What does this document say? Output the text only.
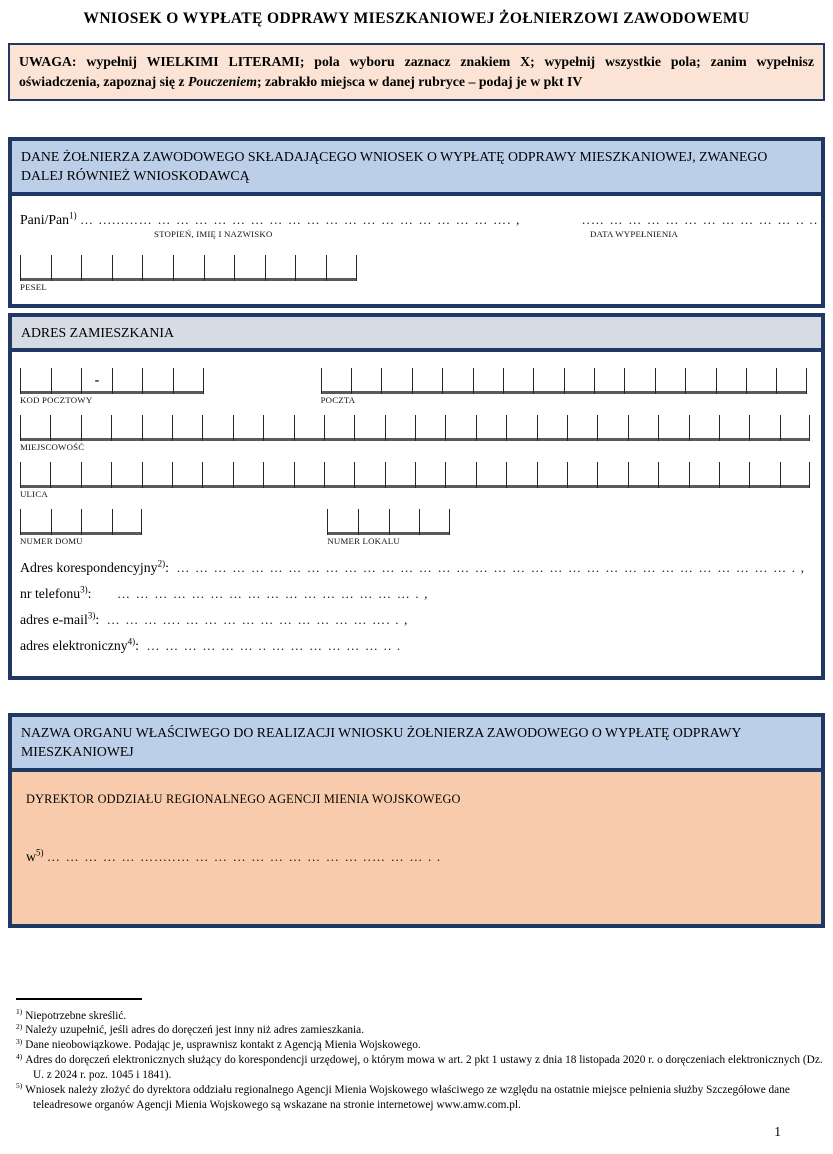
WNIOSEK O WYPŁATĘ ODPRAWY MIESZKANIOWEJ ŻOŁNIERZOWI ZAWODOWEMU
UWAGA: wypełnij WIELKIMI LITERAMI; pola wyboru zaznacz znakiem X; wypełnij wszystkie pola; zanim wypełnisz oświadczenia, zapoznaj się z Pouczeniem; zabrakło miejsca w danej rubryce – podaj je w pkt IV
DANE ŻOŁNIERZA ZAWODOWEGO SKŁADAJĄCEGO WNIOSEK O WYPŁATĘ ODPRAWY MIESZKANIOWEJ, ZWANEGO DALEJ RÓWNIEŻ WNIOSKODAWCĄ
Pani/Pan$^{1)}$ … .........… … … … … … … … … … … … … … … … … … … …. ,
STOPIEŃ, IMIĘ I NAZWISKO
..… … … … … … … … … … … .. ..
DATA WYPEŁNIENIA
PESEL
ADRES ZAMIESZKANIA
-
KOD POCZTOWY	POCZTA
MIEJSCOWOŚĆ
ULICA
NUMER DOMU	NUMER LOKALU
Adres korespondencyjny$^{2)}$: … … … … … … … … … … … … … … … … … … … … … … … … … … … … … … … … … . ,
nr telefonu$^{3)}$: … … … … … … … … … … … … … … … … . ,
adres e-mail$^{3)}$: … … … …. … … … … … … … … … … …. . ,
adres elektroniczny$^{4)}$: … … … … … … .. … … … … … … .. .
NAZWA ORGANU WŁAŚCIWEGO DO REALIZACJI WNIOSKU ŻOŁNIERZA ZAWODOWEGO O WYPŁATĘ ODPRAWY MIESZKANIOWEJ
DYREKTOR ODDZIAŁU REGIONALNEGO AGENCJI MIENIA WOJSKOWEGO
$w^{5)}$ … … … … … ….....… … … … … … … … … … ..… … … . .
$^{1)}$ Niepotrzebne skreślić.
$^{2)}$ Należy uzupełnić, jeśli adres do doręczeń jest inny niż adres zamieszkania.
$^{3)}$ Dane nieobowiązkowe. Podając je, usprawnisz kontakt z Agencją Mienia Wojskowego.
$^{4)}$ Adres do doręczeń elektronicznych służący do korespondencji urzędowej, o którym mowa w art. 2 pkt 1 ustawy z dnia 18 listopada 2020 r. o doręczeniach elektronicznych (Dz. U. z 2024 r. poz. 1045 i 1841).
$^{5)}$ Wniosek należy złożyć do dyrektora oddziału regionalnego Agencji Mienia Wojskowego właściwego ze względu na ostatnie miejsce pełnienia służby Szczegółowe dane teleadresowe organów Agencji Mienia Wojskowego są wskazane na stronie internetowej www.amw.com.pl.
1
